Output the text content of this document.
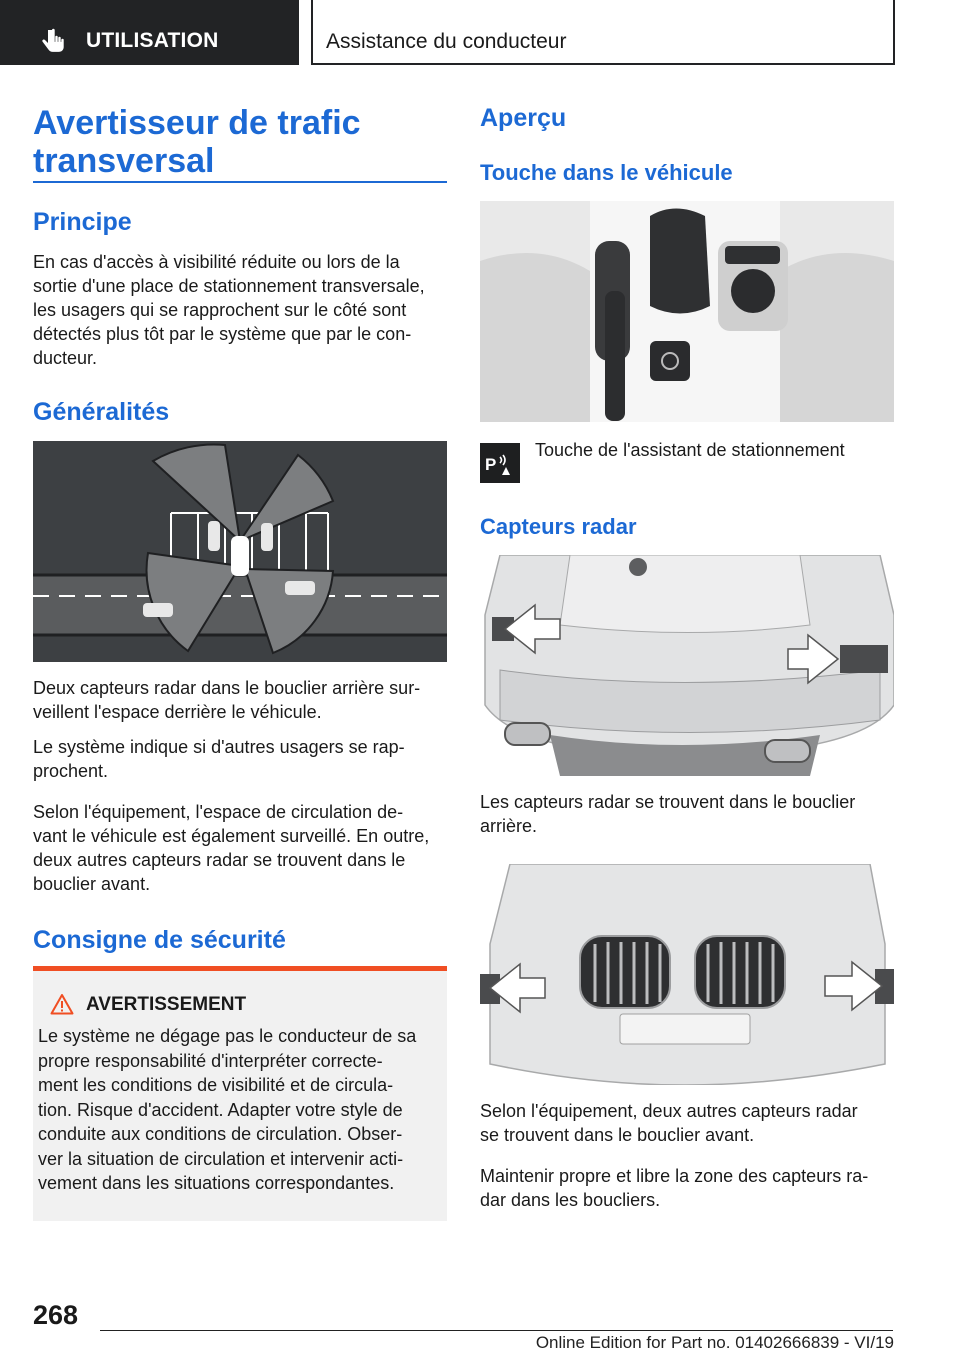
UTILISATION	Assistance du conducteur
Avertisseur de trafic
transversal
Principe
En cas d'accès à visibilité réduite ou lors de la
sortie d'une place de stationnement transversale,
les usagers qui se rapprochent sur le côté sont
détectés plus tôt par le système que par le con‐
ducteur.
Généralités
Deux capteurs radar dans le bouclier arrière sur‐
veillent l'espace derrière le véhicule.
Le système indique si d'autres usagers se rap‐
prochent.
Selon l'équipement, l'espace de circulation de‐
vant le véhicule est également surveillé. En outre,
deux autres capteurs radar se trouvent dans le
bouclier avant.
Consigne de sécurité
AVERTISSEMENT
Le système ne dégage pas le conducteur de sa
propre responsabilité d'interpréter correcte‐
ment les conditions de visibilité et de circula‐
tion. Risque d'accident. Adapter votre style de
conduite aux conditions de circulation. Obser‐
ver la situation de circulation et intervenir acti‐
vement dans les situations correspondantes.
Aperçu
Touche dans le véhicule
P
Touche de l'assistant de stationnement
Capteurs radar
Les capteurs radar se trouvent dans le bouclier
arrière.
Selon l'équipement, deux autres capteurs radar
se trouvent dans le bouclier avant.
Maintenir propre et libre la zone des capteurs ra‐
dar dans les boucliers.
268
Online Edition for Part no. 01402666839 - VI/19
